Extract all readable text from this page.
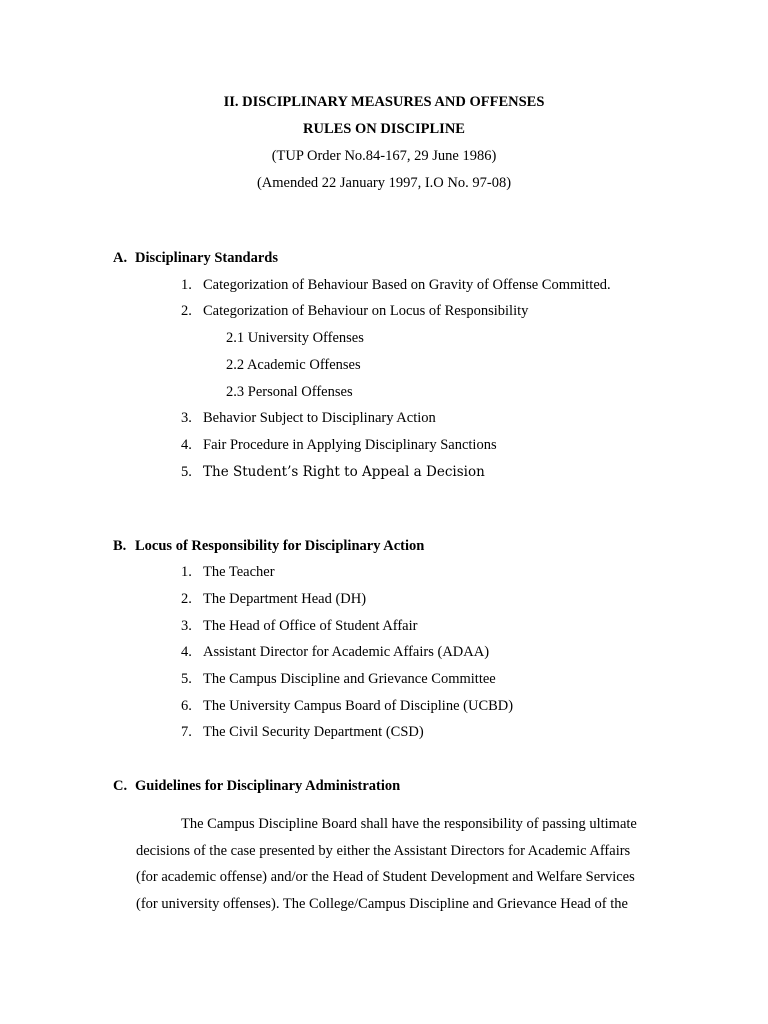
II. DISCIPLINARY MEASURES AND OFFENSES
RULES ON DISCIPLINE
(TUP Order No.84-167, 29 June 1986)
(Amended 22 January 1997, I.O No. 97-08)
A. Disciplinary Standards
1. Categorization of Behaviour Based on Gravity of Offense Committed.
2. Categorization of Behaviour on Locus of Responsibility
2.1 University Offenses
2.2 Academic Offenses
2.3 Personal Offenses
3. Behavior Subject to Disciplinary Action
4. Fair Procedure in Applying Disciplinary Sanctions
5. The Student’s Right to Appeal a Decision
B. Locus of Responsibility for Disciplinary Action
1. The Teacher
2. The Department Head (DH)
3. The Head of Office of Student Affair
4. Assistant Director for Academic Affairs (ADAA)
5. The Campus Discipline and Grievance Committee
6. The University Campus Board of Discipline (UCBD)
7. The Civil Security Department (CSD)
C. Guidelines for Disciplinary Administration
The Campus Discipline Board shall have the responsibility of passing ultimate
decisions of the case presented by either the Assistant Directors for Academic Affairs
(for academic offense) and/or the Head of Student Development and Welfare Services
(for university offenses). The College/Campus Discipline and Grievance Head of the
